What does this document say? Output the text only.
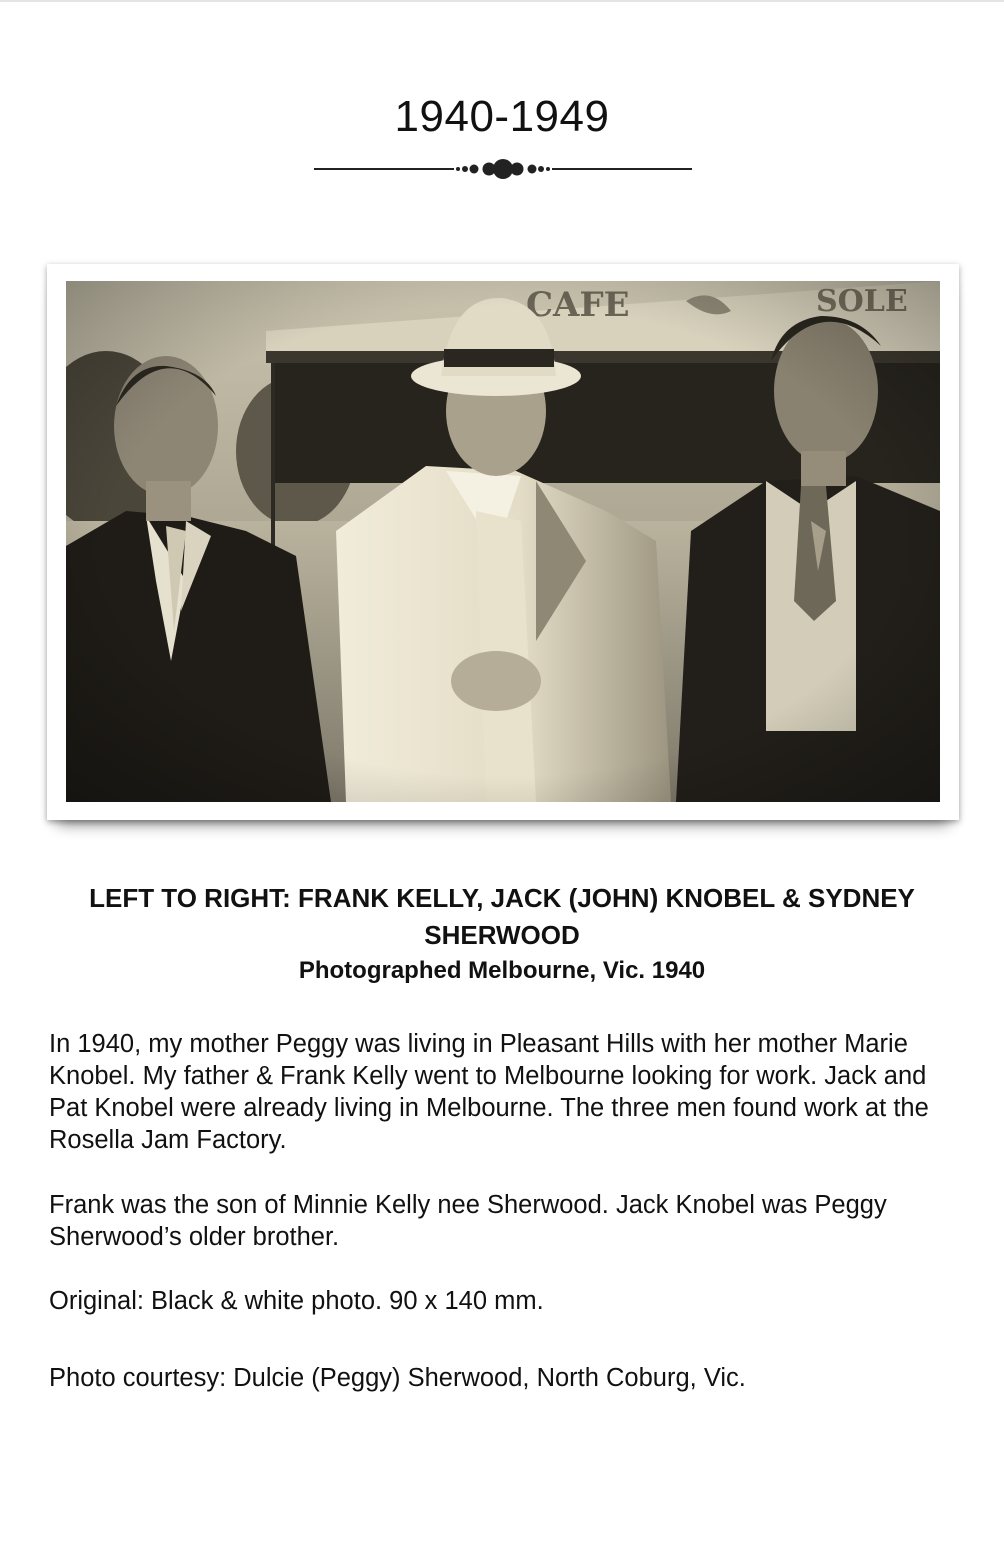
1940-1949

LEFT TO RIGHT: FRANK KELLY, JACK (JOHN) KNOBEL & SYDNEY SHERWOOD

Photographed Melbourne, Vic. 1940

In 1940, my mother Peggy was living in Pleasant Hills with her mother Marie Knobel. My father & Frank Kelly went to Melbourne looking for work. Jack and Pat Knobel were already living in Melbourne. The three men found work at the Rosella Jam Factory.

Frank was the son of Minnie Kelly nee Sherwood. Jack Knobel was Peggy Sherwood’s older brother.

Original: Black & white photo. 90 x 140 mm.

Photo courtesy: Dulcie (Peggy) Sherwood, North Coburg, Vic.
